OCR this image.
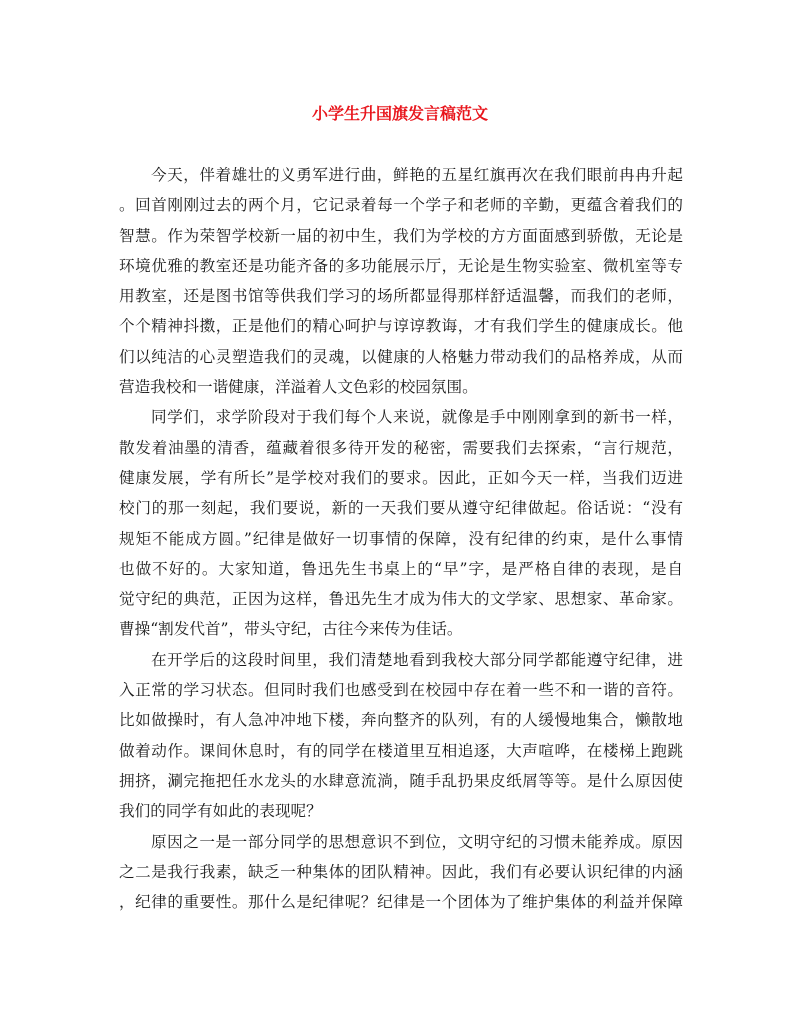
小学生升国旗发言稿范文

今天，伴着雄壮的义勇军进行曲，鲜艳的五星红旗再次在我们眼前冉冉升起
。回首刚刚过去的两个月，它记录着每一个学子和老师的辛勤，更蕴含着我们的
智慧。作为荣智学校新一届的初中生，我们为学校的方方面面感到骄傲，无论是
环境优雅的教室还是功能齐备的多功能展示厅，无论是生物实验室、微机室等专
用教室，还是图书馆等供我们学习的场所都显得那样舒适温馨，而我们的老师，
个个精神抖擞，正是他们的精心呵护与谆谆教诲，才有我们学生的健康成长。他
们以纯洁的心灵塑造我们的灵魂，以健康的人格魅力带动我们的品格养成，从而
营造我校和一谐健康，洋溢着人文色彩的校园氛围。

同学们，求学阶段对于我们每个人来说，就像是手中刚刚拿到的新书一样，
散发着油墨的清香，蕴藏着很多待开发的秘密，需要我们去探索，“言行规范，
健康发展，学有所长”是学校对我们的要求。因此，正如今天一样，当我们迈进
校门的那一刻起，我们要说，新的一天我们要从遵守纪律做起。俗话说：“没有
规矩不能成方圆。”纪律是做好一切事情的保障，没有纪律的约束，是什么事情
也做不好的。大家知道，鲁迅先生书桌上的“早”字，是严格自律的表现，是自
觉守纪的典范，正因为这样，鲁迅先生才成为伟大的文学家、思想家、革命家。
曹操“割发代首”，带头守纪，古往今来传为佳话。

在开学后的这段时间里，我们清楚地看到我校大部分同学都能遵守纪律，进
入正常的学习状态。但同时我们也感受到在校园中存在着一些不和一谐的音符。
比如做操时，有人急冲冲地下楼，奔向整齐的队列，有的人缓慢地集合，懒散地
做着动作。课间休息时，有的同学在楼道里互相追逐，大声喧哗，在楼梯上跑跳
拥挤，涮完拖把任水龙头的水肆意流淌，随手乱扔果皮纸屑等等。是什么原因使
我们的同学有如此的表现呢？

原因之一是一部分同学的思想意识不到位，文明守纪的习惯未能养成。原因
之二是我行我素，缺乏一种集体的团队精神。因此，我们有必要认识纪律的内涵
，纪律的重要性。那什么是纪律呢？纪律是一个团体为了维护集体的利益并保障
